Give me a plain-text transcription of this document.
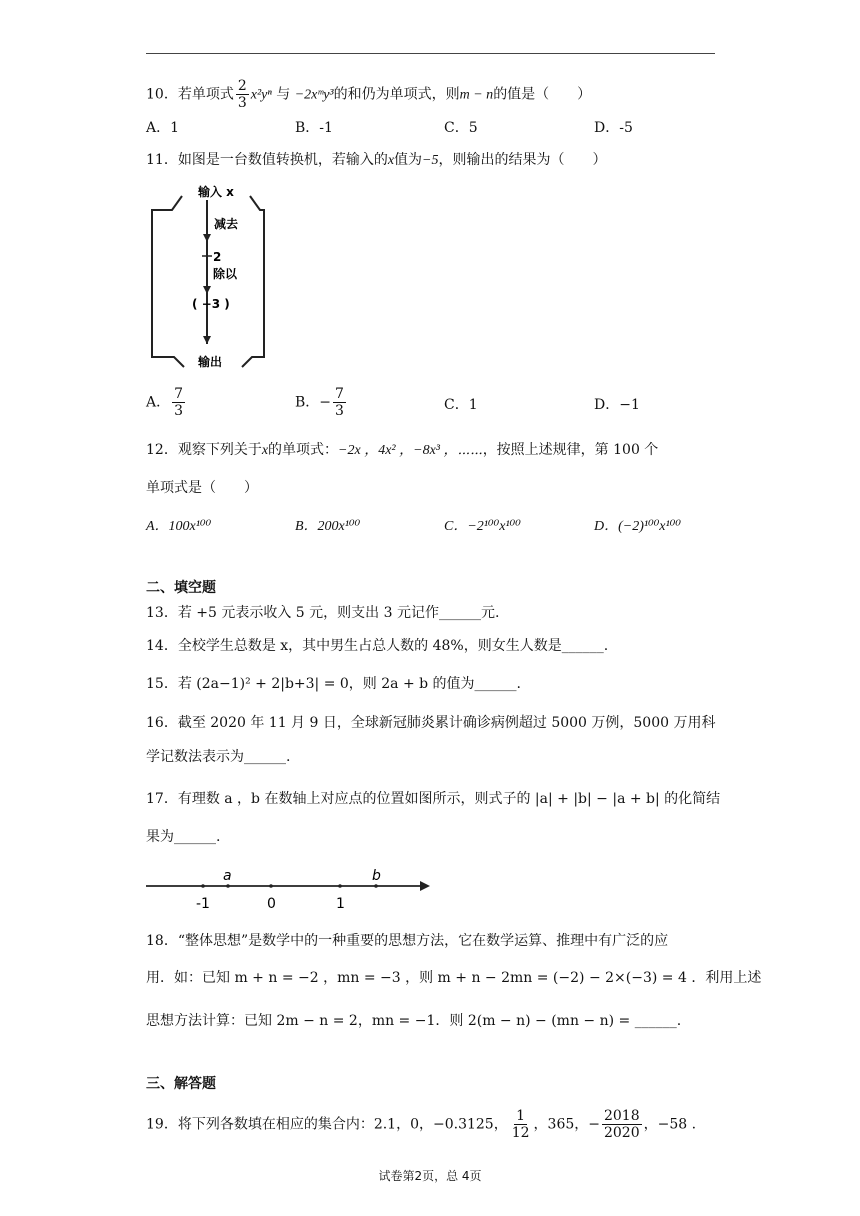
10．若单项式 $\frac{2}{3} x^2y^n$ 与 −2xᵐy³的和仍为单项式，则m − n的值是（　　）
A．1	B．-1	C．5	D．-5
11．如图是一台数值转换机，若输入的x值为−5，则输出的结果为（　　）
输入 x
减去
2
除以
( −3 )
输出
A． $\frac{7}{3}$	B．− $\frac{7}{3}$	C．1	D．−1
12．观察下列关于x的单项式：−2x ，4x² ，−8x³ ，⋯⋯，按照上述规律，第 100 个
单项式是（　　）
A．100x¹⁰⁰	B．200x¹⁰⁰	C．−2¹⁰⁰x¹⁰⁰	D．(−2)¹⁰⁰x¹⁰⁰
二、填空题
13．若 +5 元表示收入 5 元，则支出 3 元记作______元.
14．全校学生总数是 x，其中男生占总人数的 48%，则女生人数是______.
15．若 (2a−1)² + 2|b+3| = 0，则 2a + b 的值为______.
16．截至 2020 年 11 月 9 日，全球新冠肺炎累计确诊病例超过 5000 万例，5000 万用科
学记数法表示为______.
17．有理数 a ，b 在数轴上对应点的位置如图所示，则式子的 |a| + |b| − |a + b| 的化简结
果为______.
a	b
-1	0	1
18．“整体思想”是数学中的一种重要的思想方法，它在数学运算、推理中有广泛的应
用．如：已知 m + n = −2 ，mn = −3 ，则 m + n − 2mn = (−2) − 2×(−3) = 4 ．利用上述
思想方法计算：已知 2m − n = 2，mn = −1．则 2(m − n) − (mn − n) = ______.
三、解答题
19．将下列各数填在相应的集合内：2.1，0，−0.3125， $\frac{1}{12}$ ，365，− $\frac{2018}{2020}$ ，−58 .
试卷第2页，总 4页
